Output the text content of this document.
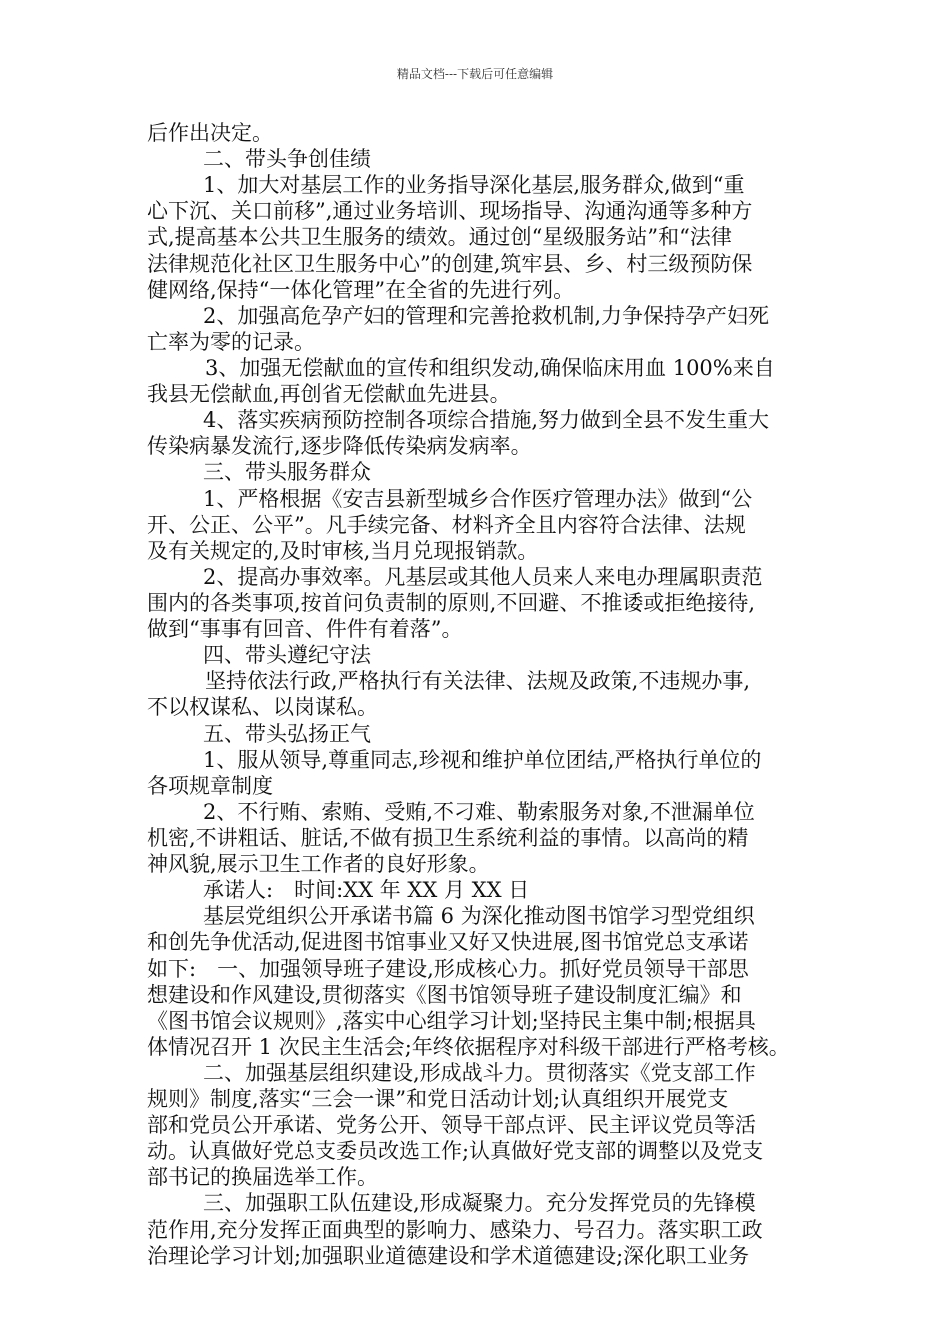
精品文档---下载后可任意编辑
后作出决定。
二、带头争创佳绩
1、加大对基层工作的业务指导深化基层,服务群众,做到“重
心下沉、关口前移”,通过业务培训、现场指导、沟通沟通等多种方
式,提高基本公共卫生服务的绩效。通过创“星级服务站”和“法律
法律规范化社区卫生服务中心”的创建,筑牢县、乡、村三级预防保
健网络,保持“一体化管理”在全省的先进行列。
2、加强高危孕产妇的管理和完善抢救机制,力争保持孕产妇死
亡率为零的记录。
3、加强无偿献血的宣传和组织发动,确保临床用血 100%来自
我县无偿献血,再创省无偿献血先进县。
4、落实疾病预防控制各项综合措施,努力做到全县不发生重大
传染病暴发流行,逐步降低传染病发病率。
三、带头服务群众
1、严格根据《安吉县新型城乡合作医疗管理办法》做到“公
开、公正、公平”。凡手续完备、材料齐全且内容符合法律、法规
及有关规定的,及时审核,当月兑现报销款。
2、提高办事效率。凡基层或其他人员来人来电办理属职责范
围内的各类事项,按首问负责制的原则,不回避、不推诿或拒绝接待,
做到“事事有回音、件件有着落”。
四、带头遵纪守法
坚持依法行政,严格执行有关法律、法规及政策,不违规办事,
不以权谋私、以岗谋私。
五、带头弘扬正气
1、服从领导,尊重同志,珍视和维护单位团结,严格执行单位的
各项规章制度
2、不行贿、索贿、受贿,不刁难、勒索服务对象,不泄漏单位
机密,不讲粗话、脏话,不做有损卫生系统利益的事情。以高尚的精
神风貌,展示卫生工作者的良好形象。
承诺人:　时间:XX 年 XX 月 XX 日
基层党组织公开承诺书篇 6 为深化推动图书馆学习型党组织
和创先争优活动,促进图书馆事业又好又快进展,图书馆党总支承诺
如下:　一、加强领导班子建设,形成核心力。抓好党员领导干部思
想建设和作风建设,贯彻落实《图书馆领导班子建设制度汇编》和
《图书馆会议规则》,落实中心组学习计划;坚持民主集中制;根据具
体情况召开 1 次民主生活会;年终依据程序对科级干部进行严格考核。
二、加强基层组织建设,形成战斗力。贯彻落实《党支部工作
规则》制度,落实“三会一课”和党日活动计划;认真组织开展党支
部和党员公开承诺、党务公开、领导干部点评、民主评议党员等活
动。认真做好党总支委员改选工作;认真做好党支部的调整以及党支
部书记的换届选举工作。
三、加强职工队伍建设,形成凝聚力。充分发挥党员的先锋模
范作用,充分发挥正面典型的影响力、感染力、号召力。落实职工政
治理论学习计划;加强职业道德建设和学术道德建设;深化职工业务
